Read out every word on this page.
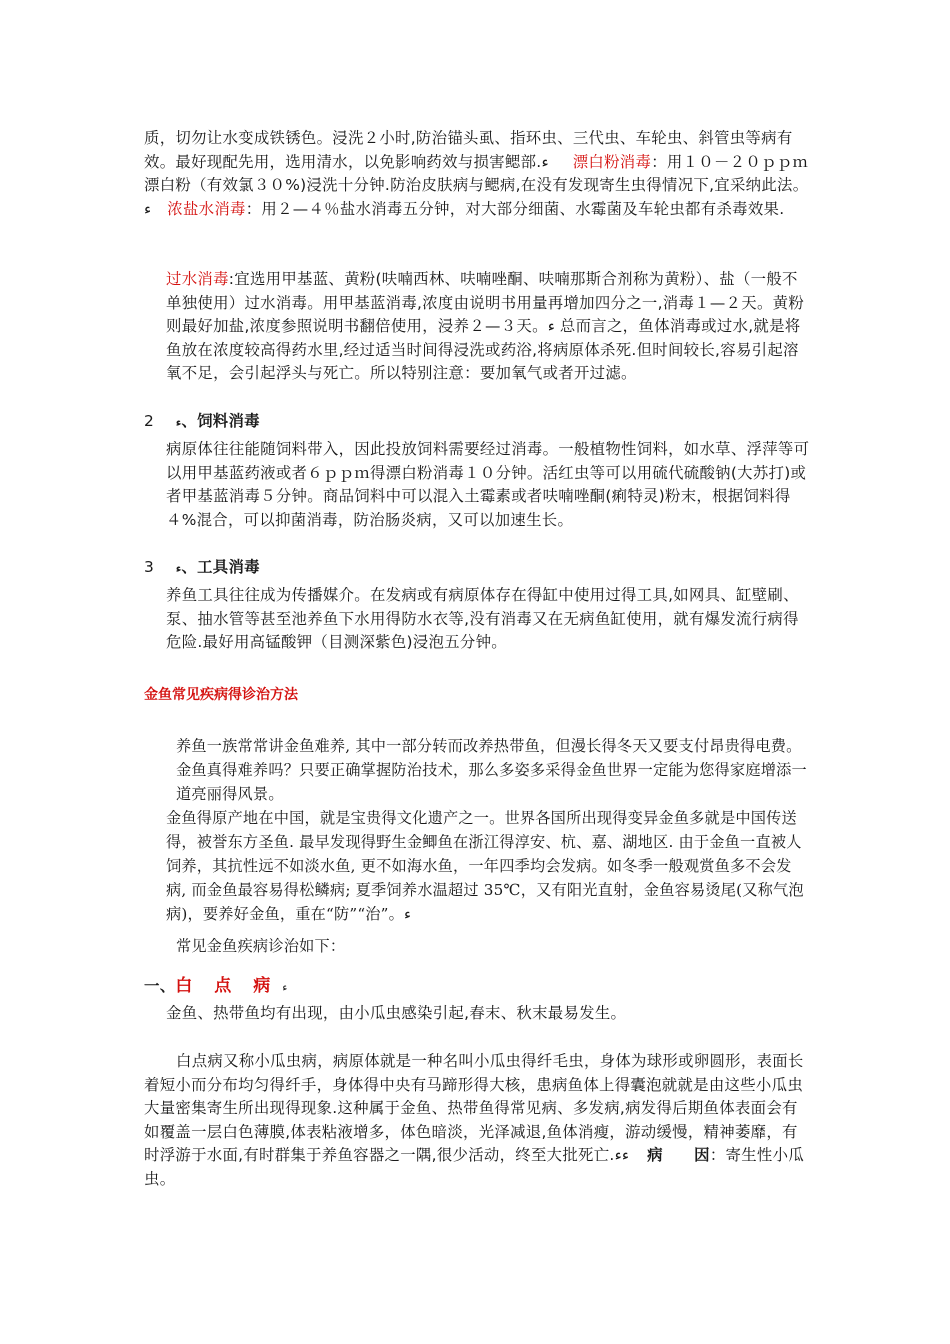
质，切勿让水变成铁锈色。浸洗２小时,防治锚头虱、指环虫、三代虫、车轮虫、斜管虫等病有效。最好现配先用，选用清水，以免影响药效与损害鳃部.ء 漂白粉消毒：用１０－２０ｐｐｍ漂白粉（有效氯３０%)浸洗十分钟.防治皮肤病与鳃病,在没有发现寄生虫得情况下,宜采纳此法。ء 浓盐水消毒：用２—４％盐水消毒五分钟，对大部分细菌、水霉菌及车轮虫都有杀毒效果.

过水消毒:宜选用甲基蓝、黄粉(呋喃西林、呋喃唑酮、呋喃那斯合剂称为黄粉）、盐（一般不单独使用）过水消毒。用甲基蓝消毒,浓度由说明书用量再增加四分之一,消毒１—２天。黄粉则最好加盐,浓度参照说明书翻倍使用，浸养２—３天。ء 总而言之，鱼体消毒或过水,就是将鱼放在浓度较高得药水里,经过适当时间得浸洗或药浴,将病原体杀死.但时间较长,容易引起溶氧不足，会引起浮头与死亡。所以特别注意：要加氧气或者开过滤。

2 ء、饲料消毒

病原体往往能随饲料带入，因此投放饲料需要经过消毒。一般植物性饲料，如水草、浮萍等可以用甲基蓝药液或者６ｐｐｍ得漂白粉消毒１０分钟。活红虫等可以用硫代硫酸钠(大苏打)或者甲基蓝消毒５分钟。商品饲料中可以混入土霉素或者呋喃唑酮(痢特灵)粉末，根据饲料得４%混合，可以抑菌消毒，防治肠炎病，又可以加速生长。

3 ء、工具消毒

养鱼工具往往成为传播媒介。在发病或有病原体存在得缸中使用过得工具,如网具、缸壁刷、泵、抽水管等甚至池养鱼下水用得防水衣等,没有消毒又在无病鱼缸使用，就有爆发流行病得危险.最好用高锰酸钾（目测深紫色)浸泡五分钟。

金鱼常见疾病得诊治方法

养鱼一族常常讲金鱼难养, 其中一部分转而改养热带鱼，但漫长得冬天又要支付昂贵得电费。金鱼真得难养吗？只要正确掌握防治技术，那么多姿多采得金鱼世界一定能为您得家庭增添一道亮丽得风景。

金鱼得原产地在中国，就是宝贵得文化遗产之一。世界各国所出现得变异金鱼多就是中国传送得，被誉东方圣鱼. 最早发现得野生金鲫鱼在浙江得淳安、杭、嘉、湖地区. 由于金鱼一直被人饲养，其抗性远不如淡水鱼, 更不如海水鱼，一年四季均会发病。如冬季一般观赏鱼多不会发病, 而金鱼最容易得松鳞病; 夏季饲养水温超过 35℃，又有阳光直射，金鱼容易烫尾(又称气泡病)，要养好金鱼，重在“防”“治”。ء

常见金鱼疾病诊治如下：

一、白 点 病 ء

金鱼、热带鱼均有出现，由小瓜虫感染引起,春末、秋末最易发生。

白点病又称小瓜虫病，病原体就是一种名叫小瓜虫得纤毛虫，身体为球形或卵圆形，表面长着短小而分布均匀得纤手，身体得中央有马蹄形得大核，患病鱼体上得囊泡就就是由这些小瓜虫大量密集寄生所出现得现象.这种属于金鱼、热带鱼得常见病、多发病,病发得后期鱼体表面会有如覆盖一层白色薄膜,体表粘液增多，体色暗淡，光泽减退,鱼体消瘦，游动缓慢，精神萎靡，有时浮游于水面,有时群集于养鱼容器之一隅,很少活动，终至大批死亡.ءء 病　　因：寄生性小瓜虫。
